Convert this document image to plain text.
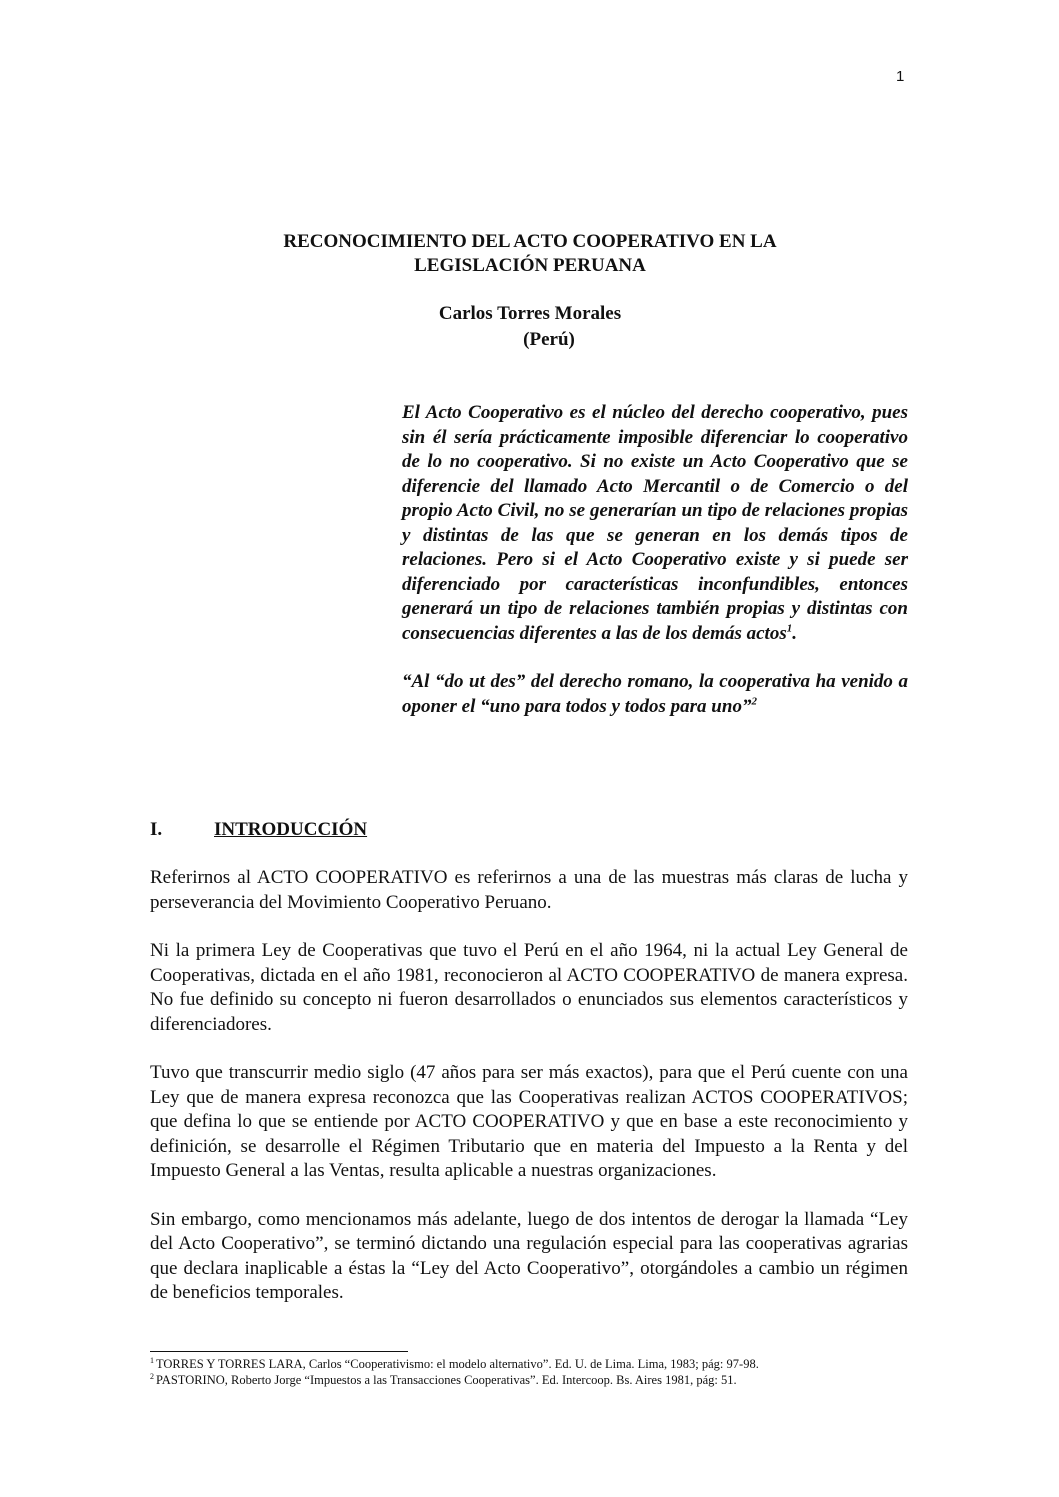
1
RECONOCIMIENTO DEL ACTO COOPERATIVO EN LA
LEGISLACIÓN PERUANA
Carlos Torres Morales
(Perú)

El Acto Cooperativo es el núcleo del derecho cooperativo, pues sin él sería prácticamente imposible diferenciar lo cooperativo de lo no cooperativo. Si no existe un Acto Cooperativo que se diferencie del llamado Acto Mercantil o de Comercio o del propio Acto Civil, no se generarían un tipo de relaciones propias y distintas de las que se generan en los demás tipos de relaciones. Pero si el Acto Cooperativo existe y si puede ser diferenciado por características inconfundibles, entonces generará un tipo de relaciones también propias y distintas con consecuencias diferentes a las de los demás actos$^1$.

“Al “do ut des” del derecho romano, la cooperativa ha venido a oponer el “uno para todos y todos para uno”$^2$

I.	INTRODUCCIÓN

Referirnos al ACTO COOPERATIVO es referirnos a una de las muestras más claras de lucha y perseverancia del Movimiento Cooperativo Peruano.

Ni la primera Ley de Cooperativas que tuvo el Perú en el año 1964, ni la actual Ley General de Cooperativas, dictada en el año 1981, reconocieron al ACTO COOPERATIVO de manera expresa. No fue definido su concepto ni fueron desarrollados o enunciados sus elementos característicos y diferenciadores.

Tuvo que transcurrir medio siglo (47 años para ser más exactos), para que el Perú cuente con una Ley que de manera expresa reconozca que las Cooperativas realizan ACTOS COOPERATIVOS; que defina lo que se entiende por ACTO COOPERATIVO y que en base a este reconocimiento y definición, se desarrolle el Régimen Tributario que en materia del Impuesto a la Renta y del Impuesto General a las Ventas, resulta aplicable a nuestras organizaciones.

Sin embargo, como mencionamos más adelante, luego de dos intentos de derogar la llamada “Ley del Acto Cooperativo”, se terminó dictando una regulación especial para las cooperativas agrarias que declara inaplicable a éstas la “Ley del Acto Cooperativo”, otorgándoles a cambio un régimen de beneficios temporales.

$^1$ TORRES Y TORRES LARA, Carlos “Cooperativismo: el modelo alternativo”. Ed. U. de Lima. Lima, 1983; pág: 97-98.
$^2$ PASTORINO, Roberto Jorge “Impuestos a las Transacciones Cooperativas”. Ed. Intercoop. Bs. Aires 1981, pág: 51.
